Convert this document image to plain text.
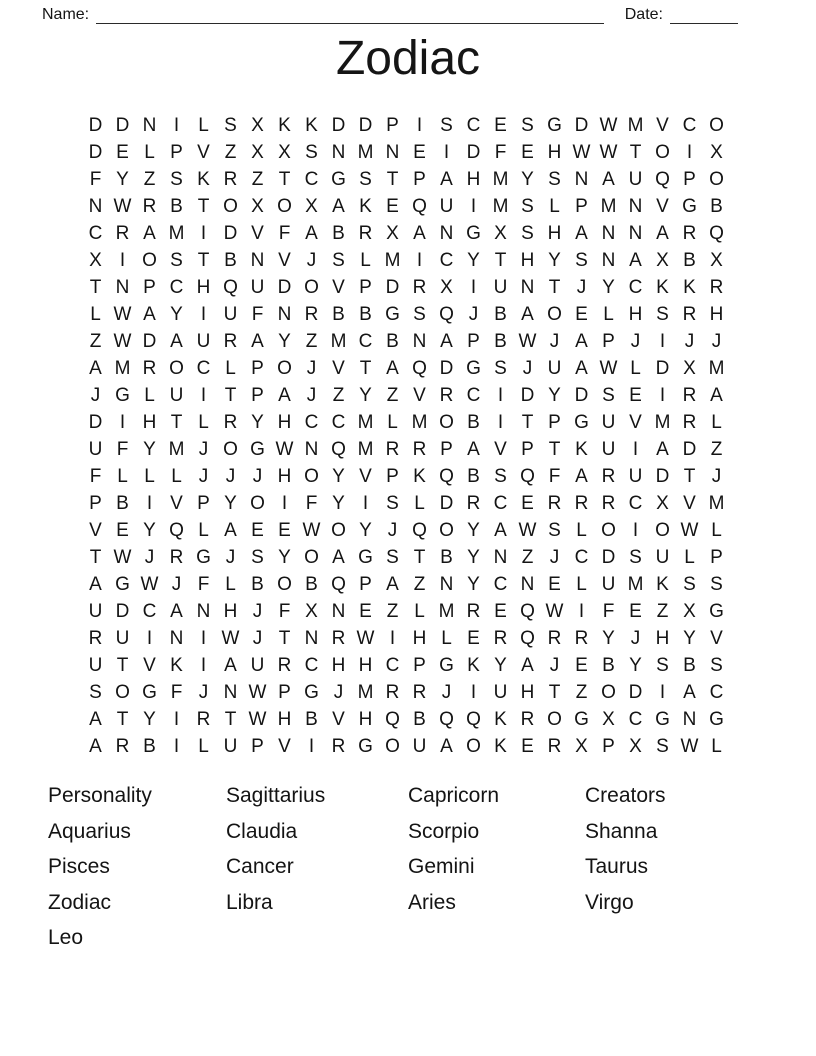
Name:	Date:
Zodiac
D D N I	L S X K K D D P I S C E S G D W M V C O
D E L P V Z X X S N M N E I D F E H W W T O I X
F Y Z S K R Z T C G S T P A H M Y S N A U Q P O
N W R B T O X O X A K E Q U I M S L P M N V G B
C R A M I D V F A B R X A N G X S H A N N A R Q
X I O S T B N V J S L M I C Y T H Y S N A X B X
T N P C H Q U D O V P D R X I U N T J Y C K K R
L W A Y I U F N R B B G S Q J B A O E L H S R H
Z W D A U R A Y Z M C B N A P B W J A P J	I	J J
A M R O C L P O J V T A Q D G S J U A W L D X M
J G L U I T P A J Z Y Z V R C I D Y D S E I R A
D I H T L R Y H C C M L M O B I T P G U V M R L
U F Y M J O G W N Q M R R P A V P T K U I A D Z
F L L L J J J H O Y V P K Q B S Q F A R U D T J
P B I V P Y O I F Y I S L D R C E R R R C X V M
V E Y Q L A E E W O Y J Q O Y A W S L O I O W L
T W J R G J S Y O A G S T B Y N Z J C D S U L P
A G W J F L B O B Q P A Z N Y C N E L U M K S S
U D C A N H J F X N E Z L M R E Q W I F E Z X G
R U I N I W J T N R W I H L E R Q R R Y J H Y V
U T V K I A U R C H H C P G K Y A J E B Y S B S
S O G F J N W P G J M R R J	I U H T Z O D I A C
A T Y I R T W H B V H Q B Q Q K R O G X C G N G
A R B I	L U P V I R G O U A O K E R X P X S W L
Personality
Aquarius
Pisces
Zodiac
Leo
Sagittarius
Claudia
Cancer
Libra
Capricorn
Scorpio
Gemini
Aries
Creators
Shanna
Taurus
Virgo
